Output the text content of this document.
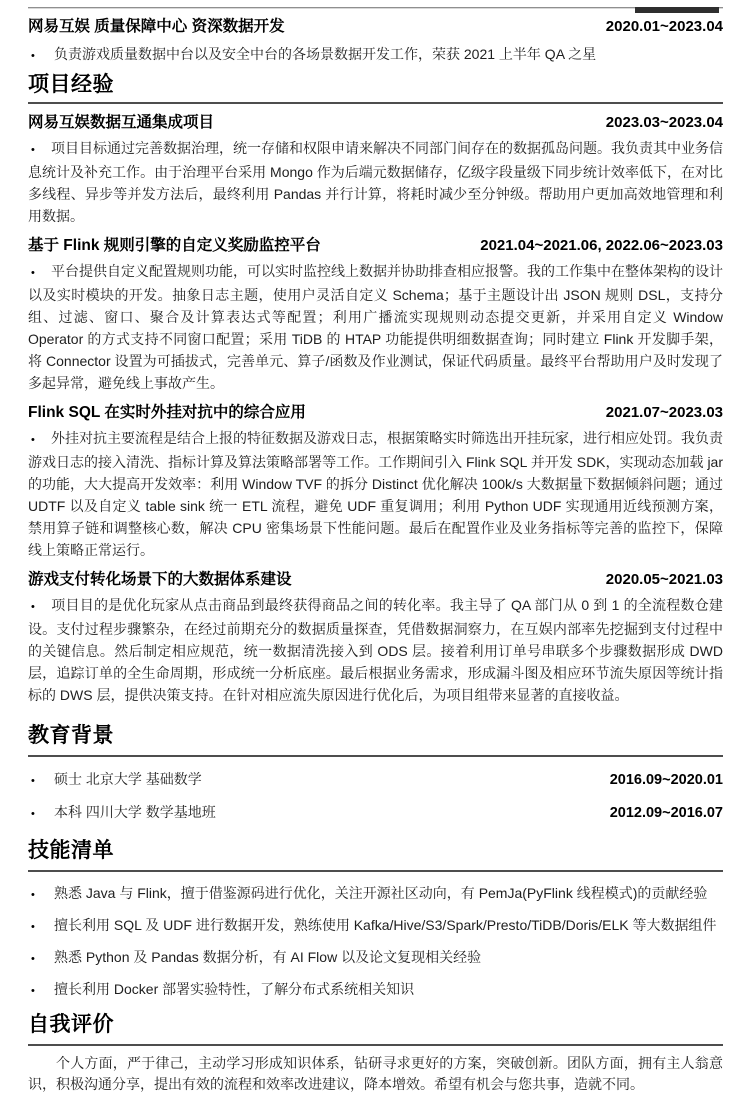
网易互娱 质量保障中心 资深数据开发	2020.01~2023.04
•	负责游戏质量数据中台以及安全中台的各场景数据开发工作，荣获 2021 上半年 QA 之星
项目经验
网易互娱数据互通集成项目	2023.03~2023.04

• 项目目标通过完善数据治理，统一存储和权限申请来解决不同部门间存在的数据孤岛问题。我负责其中业务信息统计及补充工作。由于治理平台采用 Mongo 作为后端元数据储存，亿级字段量级下同步统计效率低下，在对比多线程、异步等并发方法后，最终利用 Pandas 并行计算，将耗时减少至分钟级。帮助用户更加高效地管理和利用数据。

基于 Flink 规则引擎的自定义奖励监控平台	2021.04~2021.06, 2022.06~2023.03

• 平台提供自定义配置规则功能，可以实时监控线上数据并协助排查相应报警。我的工作集中在整体架构的设计以及实时模块的开发。抽象日志主题，使用户灵活自定义 Schema；基于主题设计出 JSON 规则 DSL，支持分组、过滤、窗口、聚合及计算表达式等配置；利用广播流实现规则动态提交更新，并采用自定义 Window Operator 的方式支持不同窗口配置；采用 TiDB 的 HTAP 功能提供明细数据查询；同时建立 Flink 开发脚手架，将 Connector 设置为可插拔式，完善单元、算子/函数及作业测试，保证代码质量。最终平台帮助用户及时发现了多起异常，避免线上事故产生。

Flink SQL 在实时外挂对抗中的综合应用	2021.07~2023.03

• 外挂对抗主要流程是结合上报的特征数据及游戏日志，根据策略实时筛选出开挂玩家，进行相应处罚。我负责游戏日志的接入清洗、指标计算及算法策略部署等工作。工作期间引入 Flink SQL 并开发 SDK，实现动态加载 jar 的功能，大大提高开发效率：利用 Window TVF 的拆分 Distinct 优化解决 100k/s 大数据量下数据倾斜问题；通过 UDTF 以及自定义 table sink 统一 ETL 流程，避免 UDF 重复调用；利用 Python UDF 实现通用近线预测方案，禁用算子链和调整核心数，解决 CPU 密集场景下性能问题。最后在配置作业及业务指标等完善的监控下，保障线上策略正常运行。

游戏支付转化场景下的大数据体系建设	2020.05~2021.03

• 项目目的是优化玩家从点击商品到最终获得商品之间的转化率。我主导了 QA 部门从 0 到 1 的全流程数仓建设。支付过程步骤繁杂，在经过前期充分的数据质量探查，凭借数据洞察力，在互娱内部率先挖掘到支付过程中的关键信息。然后制定相应规范，统一数据清洗接入到 ODS 层。接着利用订单号串联多个步骤数据形成 DWD 层，追踪订单的全生命周期，形成统一分析底座。最后根据业务需求，形成漏斗图及相应环节流失原因等统计指标的 DWS 层，提供决策支持。在针对相应流失原因进行优化后，为项目组带来显著的直接收益。

教育背景
•	硕士 北京大学 基础数学	2016.09~2020.01
•	本科 四川大学 数学基地班	2012.09~2016.07
技能清单
•	熟悉 Java 与 Flink，擅于借鉴源码进行优化，关注开源社区动向，有 PemJa(PyFlink 线程模式)的贡献经验
•	擅长利用 SQL 及 UDF 进行数据开发，熟练使用 Kafka/Hive/S3/Spark/Presto/TiDB/Doris/ELK 等大数据组件
•	熟悉 Python 及 Pandas 数据分析，有 AI Flow 以及论文复现相关经验
•	擅长利用 Docker 部署实验特性，了解分布式系统相关知识
自我评价

个人方面，严于律己，主动学习形成知识体系，钻研寻求更好的方案，突破创新。团队方面，拥有主人翁意识，积极沟通分享，提出有效的流程和效率改进建议，降本增效。希望有机会与您共事，造就不同。
